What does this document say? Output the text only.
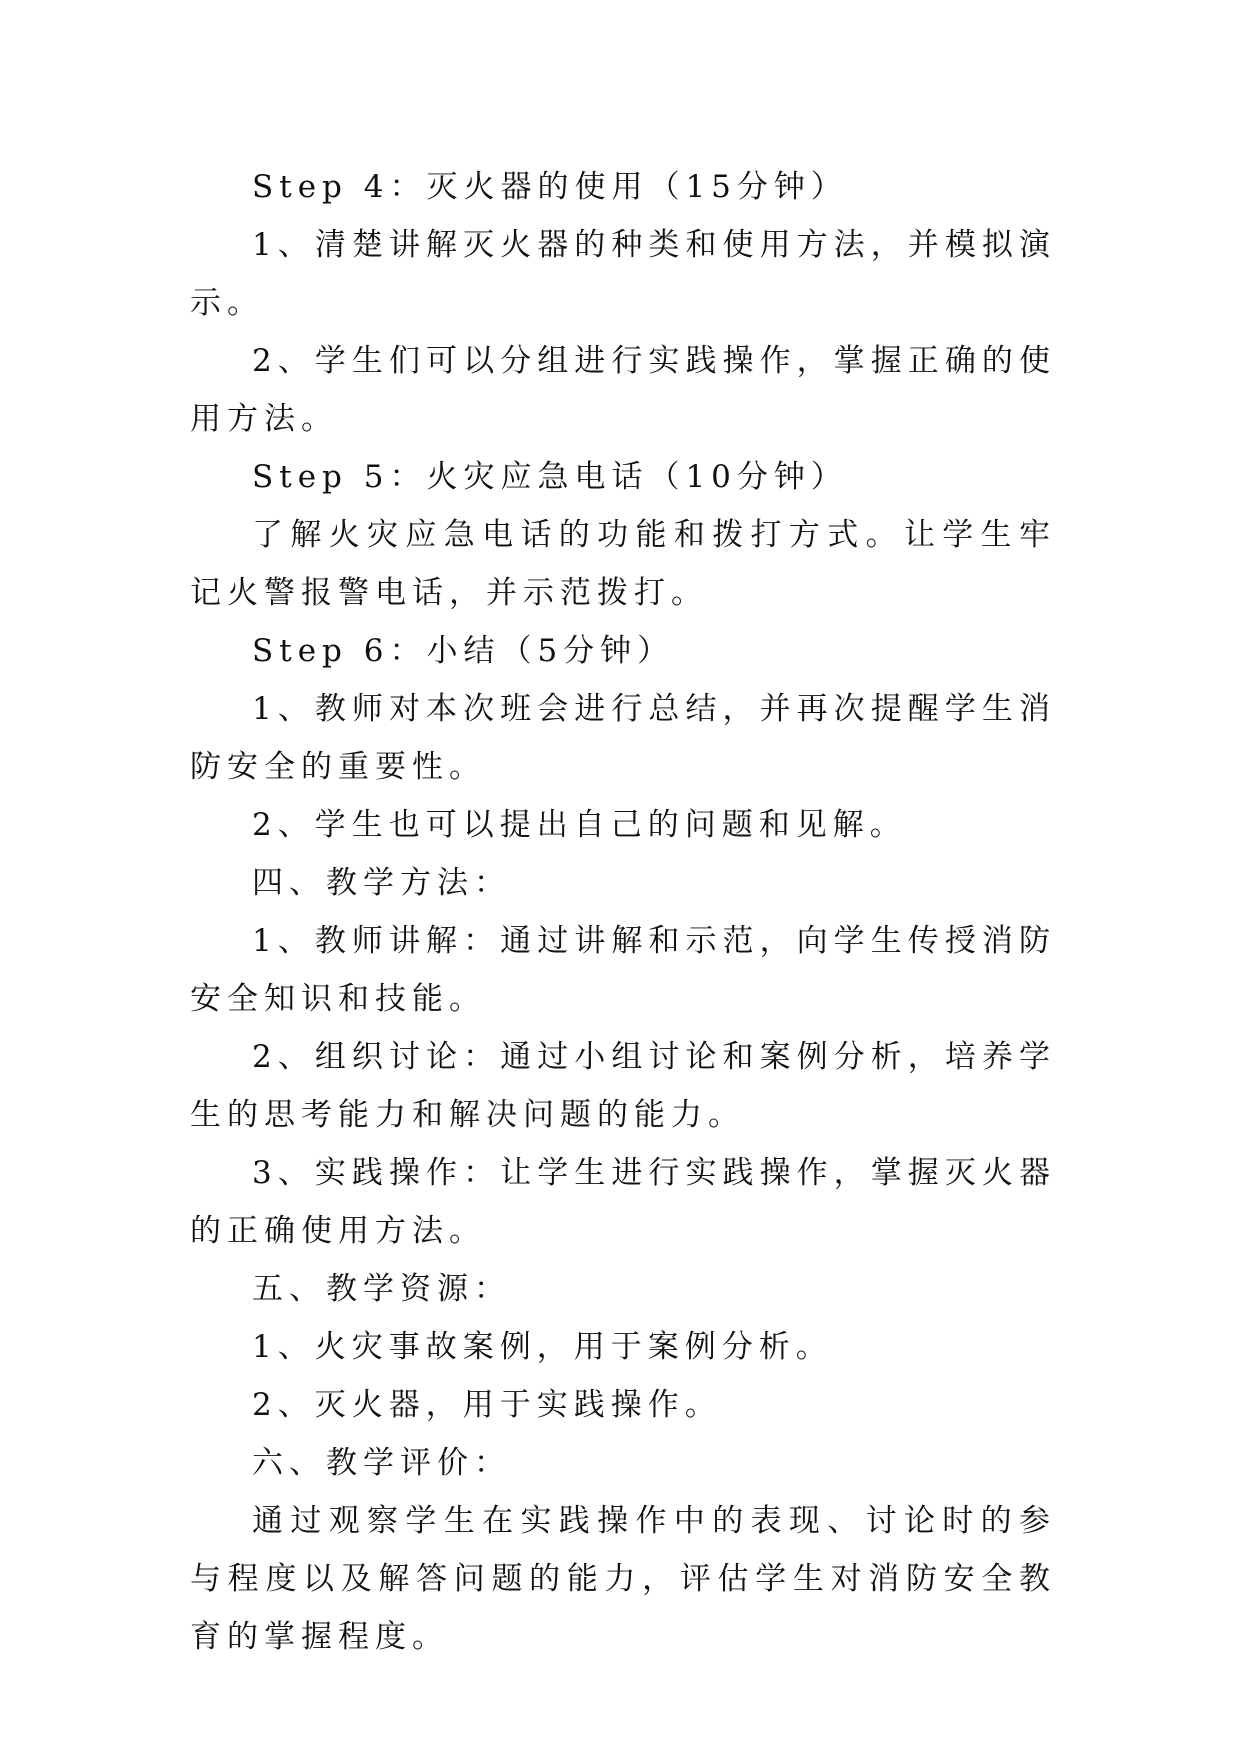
Step 4：灭火器的使用（15分钟）

1、清楚讲解灭火器的种类和使用方法，并模拟演示。

2、学生们可以分组进行实践操作，掌握正确的使用方法。

Step 5：火灾应急电话（10分钟）

了解火灾应急电话的功能和拨打方式。让学生牢记火警报警电话，并示范拨打。

Step 6：小结（5分钟）

1、教师对本次班会进行总结，并再次提醒学生消防安全的重要性。

2、学生也可以提出自己的问题和见解。

四、教学方法：

1、教师讲解：通过讲解和示范，向学生传授消防安全知识和技能。

2、组织讨论：通过小组讨论和案例分析，培养学生的思考能力和解决问题的能力。

3、实践操作：让学生进行实践操作，掌握灭火器的正确使用方法。

五、教学资源：

1、火灾事故案例，用于案例分析。

2、灭火器，用于实践操作。

六、教学评价：

通过观察学生在实践操作中的表现、讨论时的参与程度以及解答问题的能力，评估学生对消防安全教育的掌握程度。
